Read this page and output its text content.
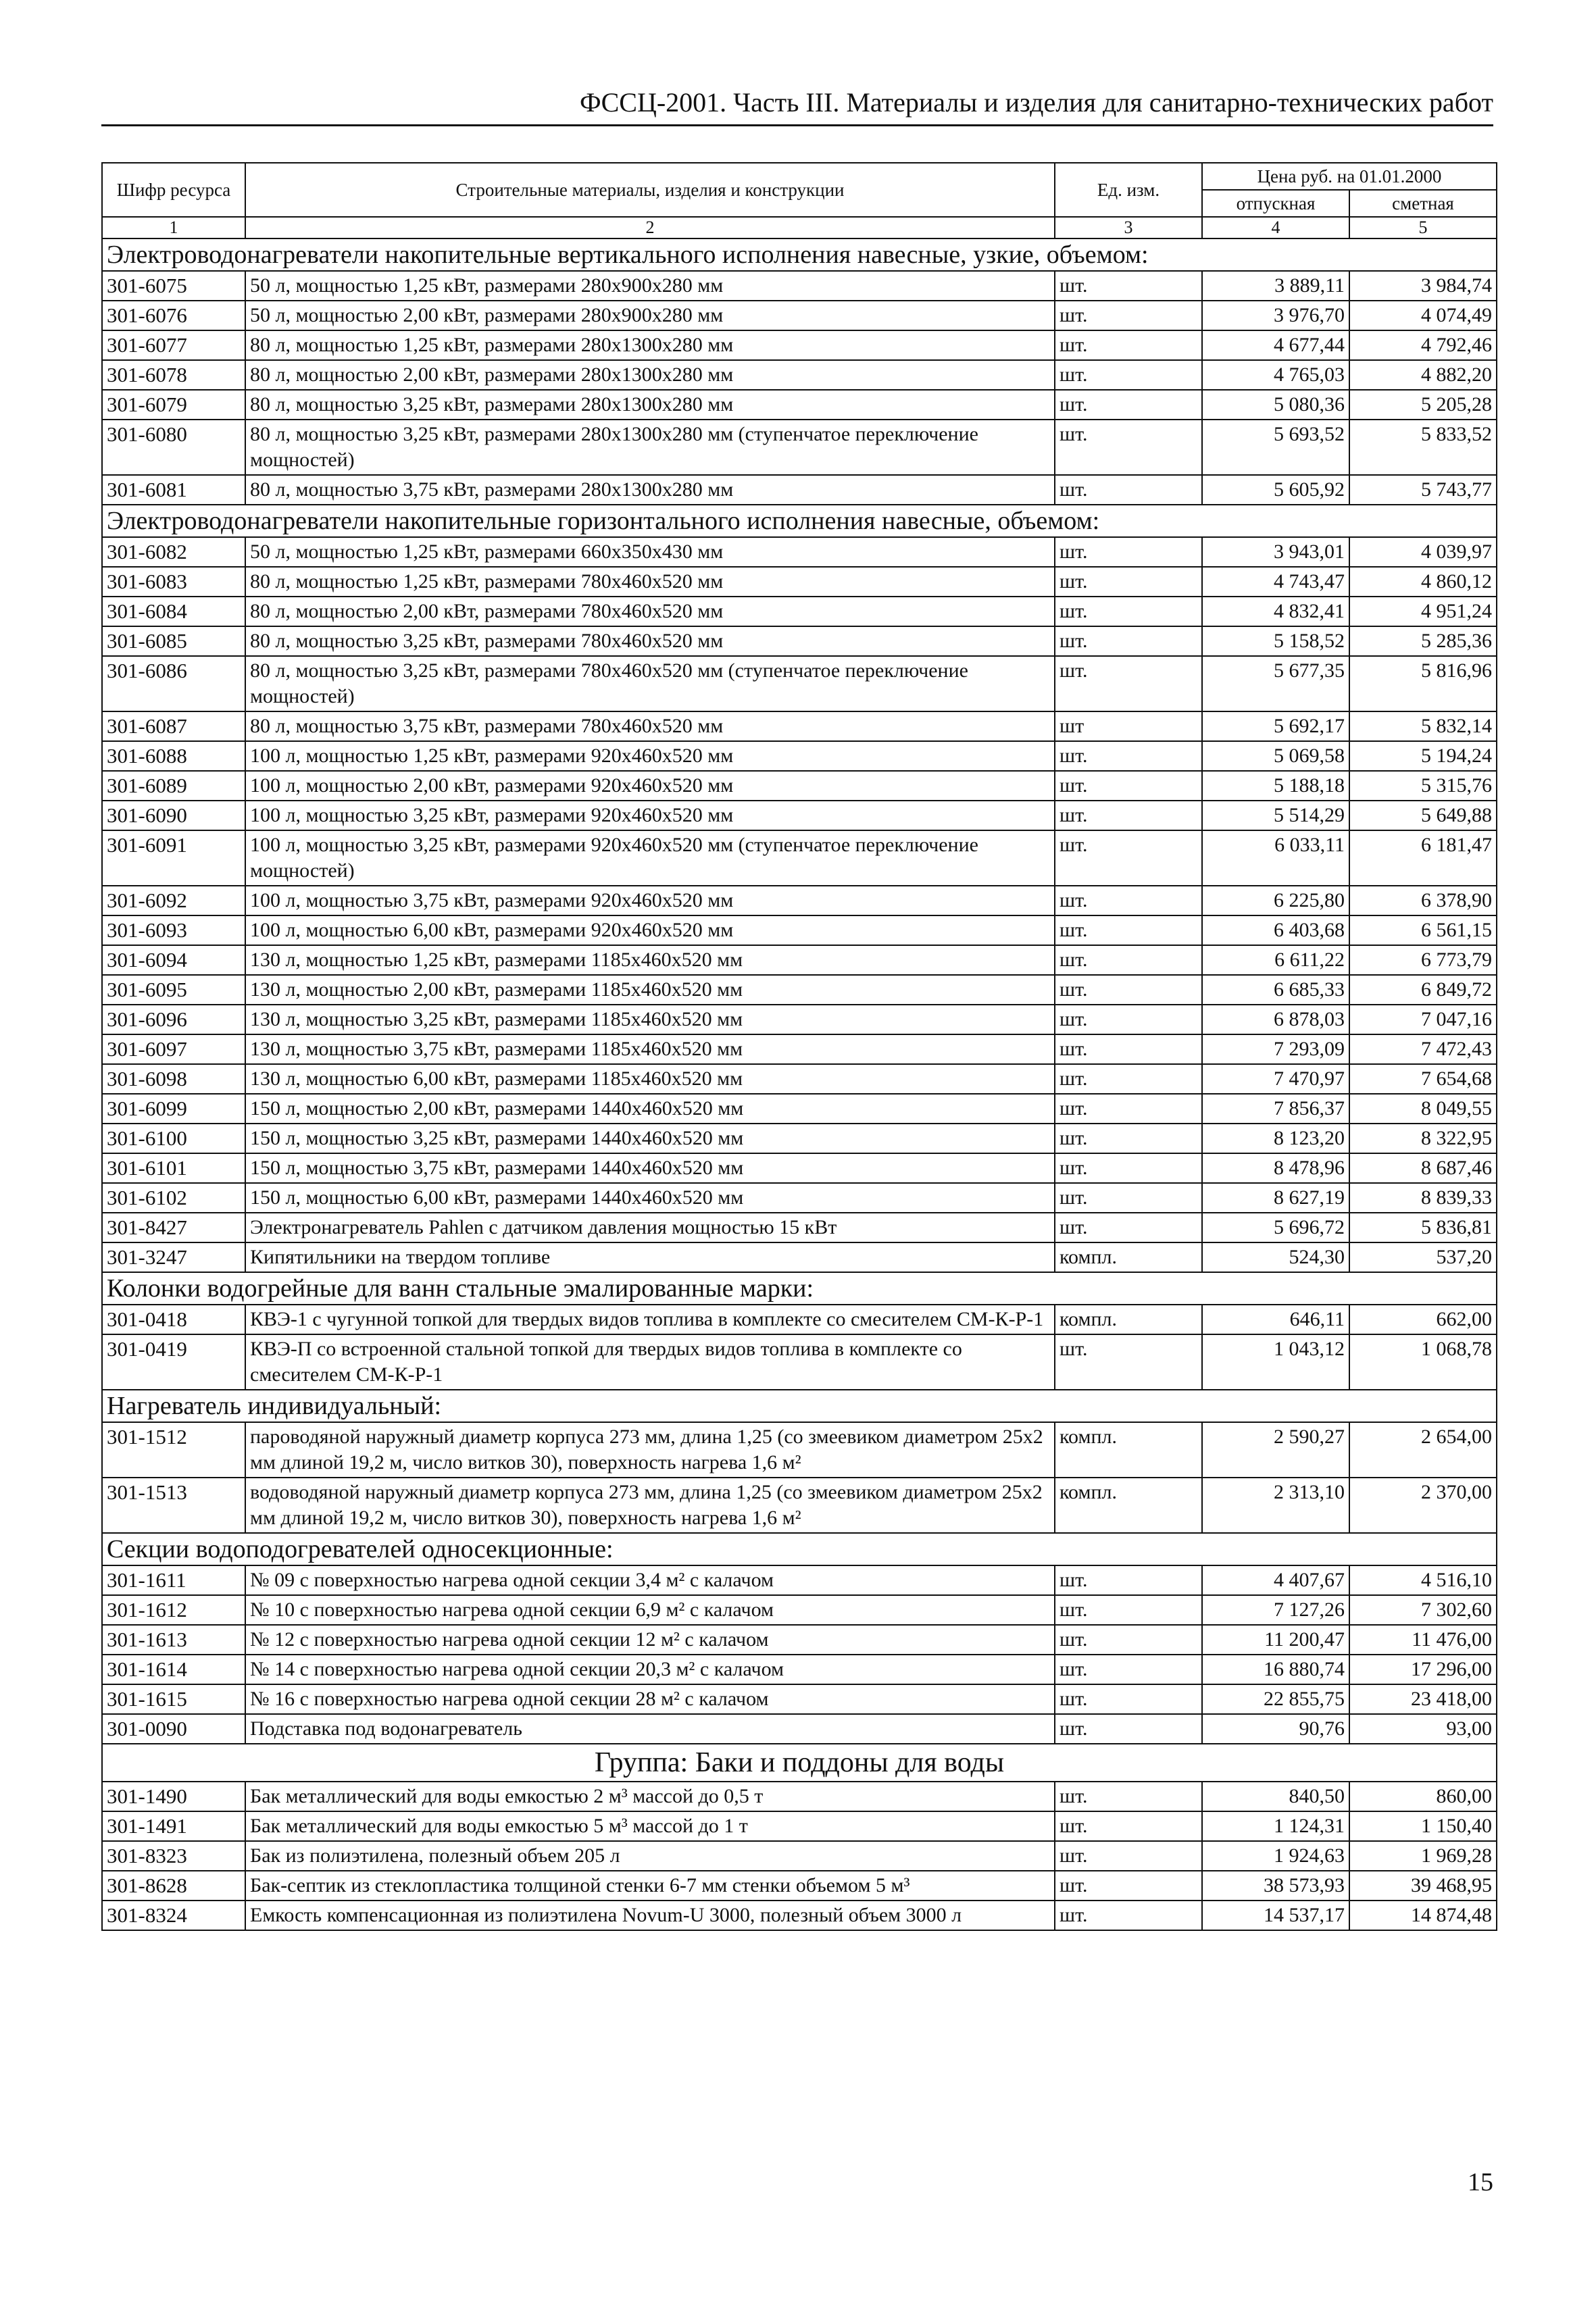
ФССЦ-2001. Часть III. Материалы и изделия для санитарно-технических работ
Шифр ресурса	Строительные материалы, изделия и конструкции	Ед. изм.	Цена руб. на 01.01.2000	
			отпускная	сметная
1	2	3	4	5
Электроводонагреватели накопительные вертикального исполнения навесные, узкие, объемом:				
301-6075	50 л, мощностью 1,25 кВт, размерами 280х900х280 мм	шт.	3 889,11	3 984,74
301-6076	50 л, мощностью 2,00 кВт, размерами 280х900х280 мм	шт.	3 976,70	4 074,49
301-6077	80 л, мощностью 1,25 кВт, размерами 280х1300х280 мм	шт.	4 677,44	4 792,46
301-6078	80 л, мощностью 2,00 кВт, размерами 280х1300х280 мм	шт.	4 765,03	4 882,20
301-6079	80 л, мощностью 3,25 кВт, размерами 280х1300х280 мм	шт.	5 080,36	5 205,28
301-6080	80 л, мощностью 3,25 кВт, размерами 280х1300х280 мм (ступенчатое переключение мощностей)	шт.	5 693,52	5 833,52
301-6081	80 л, мощностью 3,75 кВт, размерами 280х1300х280 мм	шт.	5 605,92	5 743,77
Электроводонагреватели накопительные горизонтального исполнения навесные, объемом:				
301-6082	50 л, мощностью 1,25 кВт, размерами 660х350х430 мм	шт.	3 943,01	4 039,97
301-6083	80 л, мощностью 1,25 кВт, размерами 780х460х520 мм	шт.	4 743,47	4 860,12
301-6084	80 л, мощностью 2,00 кВт, размерами 780х460х520 мм	шт.	4 832,41	4 951,24
301-6085	80 л, мощностью 3,25 кВт, размерами 780х460х520 мм	шт.	5 158,52	5 285,36
301-6086	80 л, мощностью 3,25 кВт, размерами 780х460х520 мм (ступенчатое переключение мощностей)	шт.	5 677,35	5 816,96
301-6087	80 л, мощностью 3,75 кВт, размерами 780х460х520 мм	шт	5 692,17	5 832,14
301-6088	100 л, мощностью 1,25 кВт, размерами 920х460х520 мм	шт.	5 069,58	5 194,24
301-6089	100 л, мощностью 2,00 кВт, размерами 920х460х520 мм	шт.	5 188,18	5 315,76
301-6090	100 л, мощностью 3,25 кВт, размерами 920х460х520 мм	шт.	5 514,29	5 649,88
301-6091	100 л, мощностью 3,25 кВт, размерами 920х460х520 мм (ступенчатое переключение мощностей)	шт.	6 033,11	6 181,47
301-6092	100 л, мощностью 3,75 кВт, размерами 920х460х520 мм	шт.	6 225,80	6 378,90
301-6093	100 л, мощностью 6,00 кВт, размерами 920х460х520 мм	шт.	6 403,68	6 561,15
301-6094	130 л, мощностью 1,25 кВт, размерами 1185х460х520 мм	шт.	6 611,22	6 773,79
301-6095	130 л, мощностью 2,00 кВт, размерами 1185х460х520 мм	шт.	6 685,33	6 849,72
301-6096	130 л, мощностью 3,25 кВт, размерами 1185х460х520 мм	шт.	6 878,03	7 047,16
301-6097	130 л, мощностью 3,75 кВт, размерами 1185х460х520 мм	шт.	7 293,09	7 472,43
301-6098	130 л, мощностью 6,00 кВт, размерами 1185х460х520 мм	шт.	7 470,97	7 654,68
301-6099	150 л, мощностью 2,00 кВт, размерами 1440х460х520 мм	шт.	7 856,37	8 049,55
301-6100	150 л, мощностью 3,25 кВт, размерами 1440х460х520 мм	шт.	8 123,20	8 322,95
301-6101	150 л, мощностью 3,75 кВт, размерами 1440х460х520 мм	шт.	8 478,96	8 687,46
301-6102	150 л, мощностью 6,00 кВт, размерами 1440х460х520 мм	шт.	8 627,19	8 839,33
301-8427	Электронагреватель Pahlen с датчиком давления мощностью 15 кВт	шт.	5 696,72	5 836,81
301-3247	Кипятильники на твердом топливе	компл.	524,30	537,20
Колонки водогрейные для ванн стальные эмалированные марки:				
301-0418	КВЭ-1 с чугунной топкой для твердых видов топлива в комплекте со смесителем СМ-К-Р-1	компл.	646,11	662,00
301-0419	КВЭ-П со встроенной стальной топкой для твердых видов топлива в комплекте со смесителем СМ-К-Р-1	шт.	1 043,12	1 068,78
Нагреватель индивидуальный:				
301-1512	пароводяной наружный диаметр корпуса 273 мм, длина 1,25 (со змеевиком диаметром 25х2 мм длиной 19,2 м, число витков 30), поверхность нагрева 1,6 м²	компл.	2 590,27	2 654,00
301-1513	водоводяной наружный диаметр корпуса 273 мм, длина 1,25 (со змеевиком диаметром 25х2 мм длиной 19,2 м, число витков 30), поверхность нагрева 1,6 м²	компл.	2 313,10	2 370,00
Секции водоподогревателей односекционные:				
301-1611	№ 09 с поверхностью нагрева одной секции 3,4 м² с калачом	шт.	4 407,67	4 516,10
301-1612	№ 10 с поверхностью нагрева одной секции 6,9 м² с калачом	шт.	7 127,26	7 302,60
301-1613	№ 12 с поверхностью нагрева одной секции 12 м² с калачом	шт.	11 200,47	11 476,00
301-1614	№ 14 с поверхностью нагрева одной секции 20,3 м² с калачом	шт.	16 880,74	17 296,00
301-1615	№ 16 с поверхностью нагрева одной секции 28 м² с калачом	шт.	22 855,75	23 418,00
301-0090	Подставка под водонагреватель	шт.	90,76	93,00
Группа: Баки и поддоны для воды				
301-1490	Бак металлический для воды емкостью 2 м³ массой до 0,5 т	шт.	840,50	860,00
301-1491	Бак металлический для воды емкостью 5 м³ массой до 1 т	шт.	1 124,31	1 150,40
301-8323	Бак из полиэтилена, полезный объем 205 л	шт.	1 924,63	1 969,28
301-8628	Бак-септик из стеклопластика толщиной стенки 6-7 мм стенки объемом 5 м³	шт.	38 573,93	39 468,95
301-8324	Емкость компенсационная из полиэтилена Novum-U 3000, полезный объем 3000 л	шт.	14 537,17	14 874,48
15
